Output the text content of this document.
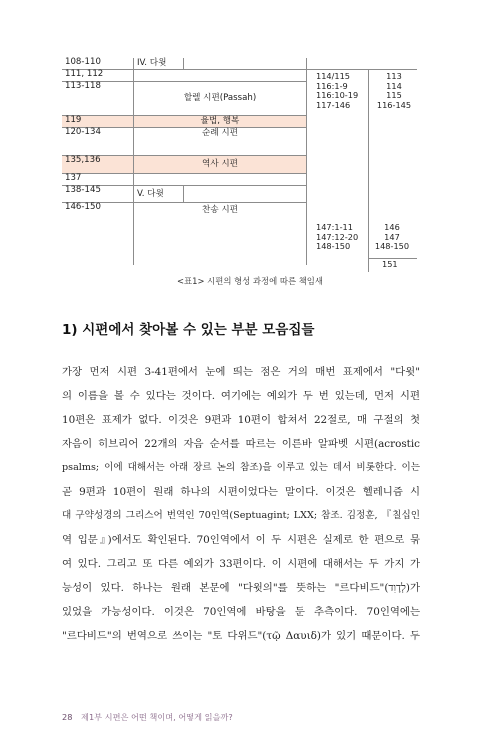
108-110
111, 112
113-118
119
120-134
135,136
137
138-145
146-150
IV. 다윗
할렐 시편(Passah)
율법, 행복
순례 시편
역사 시편
V. 다윗
찬송 시편
114/115
116:1-9
116:10-19
117-146
113
114
115
116-145
147:1-11
147:12-20
148-150
146
147
148-150
151
<표1> 시편의 형성 과정에 따른 책임새
1) 시편에서 찾아볼 수 있는 부분 모음집들
가장 먼저 시편 3-41편에서 눈에 띄는 점은 거의 매번 표제에서 "다윗"
의 이름을 볼 수 있다는 것이다. 여기에는 예외가 두 번 있는데, 먼저 시편
10편은 표제가 없다. 이것은 9편과 10편이 합쳐서 22절로, 매 구절의 첫
자음이 히브리어 22개의 자음 순서를 따르는 이른바 알파벳 시편(acrostic
psalms; 이에 대해서는 아래 장르 논의 참조)을 이루고 있는 데서 비롯한다. 이는
곧 9편과 10편이 원래 하나의 시편이었다는 말이다. 이것은 헬레니즘 시
대 구약성경의 그리스어 번역인 70인역(Septuagint; LXX; 참조. 김정훈, 『칠십인
역 입문』)에서도 확인된다. 70인역에서 이 두 시편은 실제로 한 편으로 묶
여 있다. 그리고 또 다른 예외가 33편이다. 이 시편에 대해서는 두 가지 가
능성이 있다. 하나는 원래 본문에 "다윗의"를 뜻하는 "르다비드"(לְדָוִד)가
있었을 가능성이다. 이것은 70인역에 바탕을 둔 추측이다. 70인역에는
"르다비드"의 번역으로 쓰이는 "토 다위드"(τῷ Δαυιδ)가 있기 때문이다. 두
28 제1부 시편은 어떤 책이며, 어떻게 읽을까?
